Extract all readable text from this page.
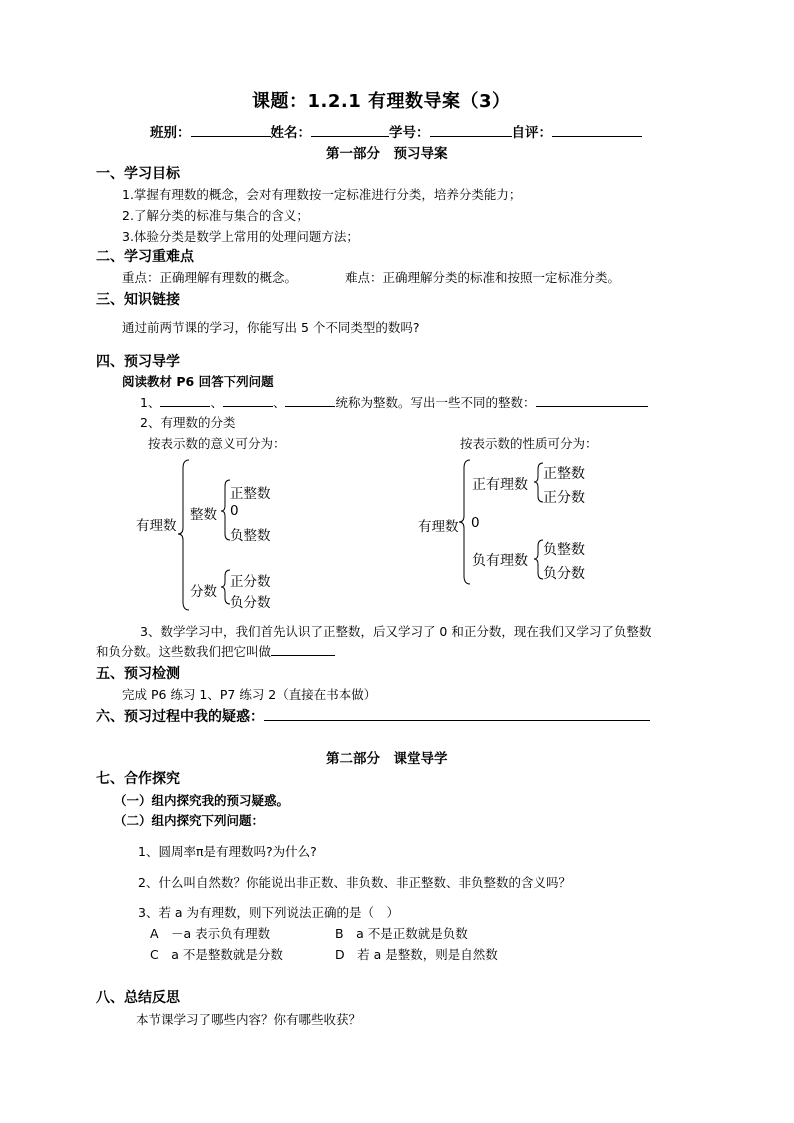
课题：1.2.1 有理数导案（3）
班别：	姓名：	学号：	自评：
第一部分　预习导案
一、学习目标
1.掌握有理数的概念，会对有理数按一定标准进行分类，培养分类能力；
2.了解分类的标准与集合的含义；
3.体验分类是数学上常用的处理问题方法；
二、学习重难点
重点：正确理解有理数的概念。	难点：正确理解分类的标准和按照一定标准分类。
三、知识链接
通过前两节课的学习，你能写出 5 个不同类型的数吗?
四、预习导学
阅读教材 P6 回答下列问题
1、	、	、	统称为整数。写出一些不同的整数：
2、有理数的分类
按表示数的意义可分为：	按表示数的性质可分为：
有理数
整数
正整数
0
负整数
分数
正分数
负分数
有理数
正有理数
正整数
正分数
0
负有理数
负整数
负分数
3、数学学习中，我们首先认识了正整数，后又学习了 0 和正分数，现在我们又学习了负整数
和负分数。这些数我们把它叫做
五、预习检测
完成 P6 练习 1、P7 练习 2（直接在书本做）
六、预习过程中我的疑惑：
第二部分　课堂导学
七、合作探究
（一）组内探究我的预习疑惑。
（二）组内探究下列问题：
1、圆周率π是有理数吗?为什么?
2、什么叫自然数？你能说出非正数、非负数、非正整数、非负整数的含义吗？
3、若 a 为有理数，则下列说法正确的是（　）
A　－a 表示负有理数	B　a 不是正数就是负数
C　a 不是整数就是分数	D　若 a 是整数，则是自然数
八、总结反思
本节课学习了哪些内容？你有哪些收获？
